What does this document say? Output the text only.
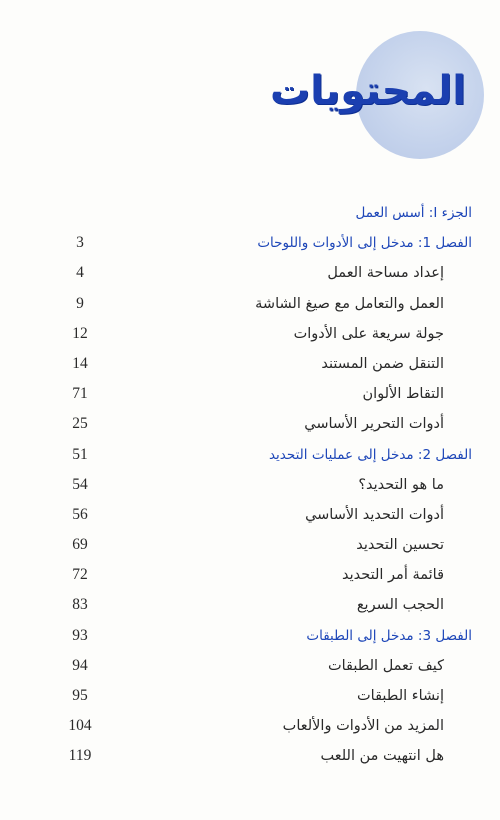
المحتويات
الجزء I: أسس العمل
الفصل 1: مدخل إلى الأدوات واللوحات
3
إعداد مساحة العمل
4
العمل والتعامل مع صيغ الشاشة
9
جولة سريعة على الأدوات
12
التنقل ضمن المستند
14
التقاط الألوان
71
أدوات التحرير الأساسي
25
الفصل 2: مدخل إلى عمليات التحديد
51
ما هو التحديد؟
54
أدوات التحديد الأساسي
56
تحسين التحديد
69
قائمة أمر التحديد
72
الحجب السريع
83
الفصل 3: مدخل إلى الطبقات
93
كيف تعمل الطبقات
94
إنشاء الطبقات
95
المزيد من الأدوات والألعاب
104
هل انتهيت من اللعب
119
